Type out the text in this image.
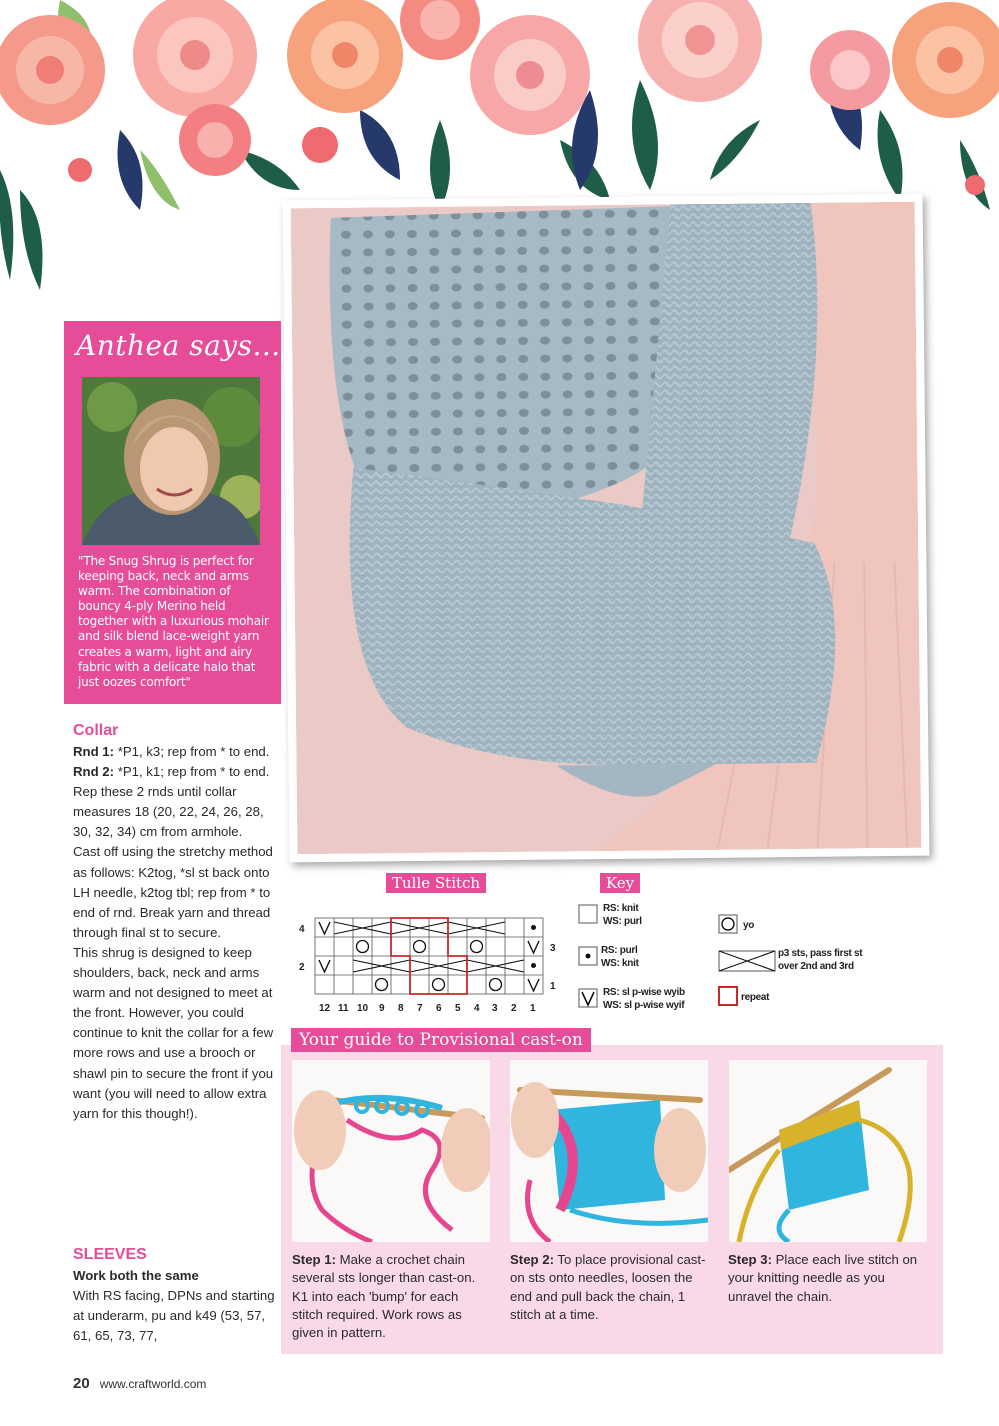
Anthea says...
"The Snug Shrug is perfect for keeping back, neck and arms warm. The combination of bouncy 4-ply Merino held together with a luxurious mohair and silk blend lace-weight yarn creates a warm, light and airy fabric with a delicate halo that just oozes comfort"
Collar

Rnd 1: *P1, k3; rep from * to end.

Rnd 2: *P1, k1; rep from * to end.

Rep these 2 rnds until collar measures 18 (20, 22, 24, 26, 28, 30, 32, 34) cm from armhole.

Cast off using the stretchy method as follows: K2tog, *sl st back onto LH needle, k2tog tbl; rep from * to end of rnd. Break yarn and thread through final st to secure.

This shrug is designed to keep shoulders, back, neck and arms warm and not designed to meet at the front. However, you could continue to knit the collar for a few more rows and use a brooch or shawl pin to secure the front if you want (you will need to allow extra yarn for this though!).

SLEEVES
Work both the same

With RS facing, DPNs and starting at underarm, pu and k49 (53, 57, 61, 65, 73, 77,

20 www.craftworld.com
Tulle Stitch
4
2
3
1
12 11 10 9 8 7 6 5 4 3 2 1
Key
RS: knit
WS: purl
RS: purl
WS: knit
RS: sl p-wise wyib
WS: sl p-wise wyif
yo
p3 sts, pass first st
over 2nd and 3rd
repeat
Your guide to Provisional cast-on
Step 1: Make a crochet chain several sts longer than cast-on. K1 into each 'bump' for each stitch required. Work rows as given in pattern.
Step 2: To place provisional cast-on sts onto needles, loosen the end and pull back the chain, 1 stitch at a time.
Step 3: Place each live stitch on your knitting needle as you unravel the chain.
